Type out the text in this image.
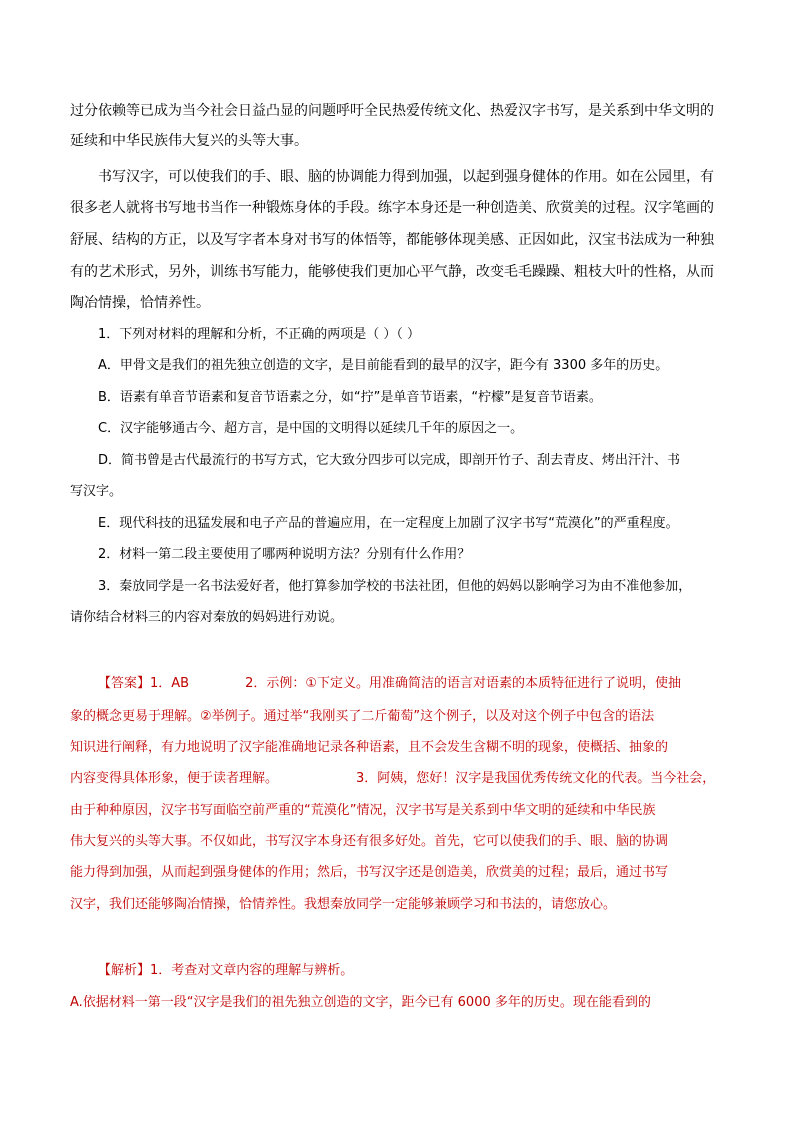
过分依赖等已成为当今社会日益凸显的问题呼吁全民热爱传统文化、热爱汉字书写，是关系到中华文明的
延续和中华民族伟大复兴的头等大事。
书写汉字，可以使我们的手、眼、脑的协调能力得到加强，以起到强身健体的作用。如在公园里，有
很多老人就将书写地书当作一种锻炼身体的手段。练字本身还是一种创造美、欣赏美的过程。汉字笔画的
舒展、结构的方正，以及写字者本身对书写的体悟等，都能够体现美感、正因如此，汉宝书法成为一种独
有的艺术形式，另外，训练书写能力，能够使我们更加心平气静，改变毛毛躁躁、粗枝大叶的性格，从而
陶冶情操，恰情养性。
1．下列对材料的理解和分析，不正确的两项是（ ）（ ）
A．甲骨文是我们的祖先独立创造的文字，是目前能看到的最早的汉字，距今有 3300 多年的历史。
B．语素有单音节语素和复音节语素之分，如“拧”是单音节语素，“柠檬”是复音节语素。
C．汉字能够通古今、超方言，是中国的文明得以延续几千年的原因之一。
D．简书曾是古代最流行的书写方式，它大致分四步可以完成，即剖开竹子、刮去青皮、烤出汗汁、书
写汉字。
E．现代科技的迅猛发展和电子产品的普遍应用，在一定程度上加剧了汉字书写“荒漠化”的严重程度。
2．材料一第二段主要使用了哪两种说明方法？分别有什么作用？
3．秦放同学是一名书法爱好者，他打算参加学校的书法社团，但他的妈妈以影响学习为由不准他参加，
请你结合材料三的内容对秦放的妈妈进行劝说。
【答案】1．AB	2．示例：①下定义。用准确简洁的语言对语素的本质特征进行了说明，使抽
象的概念更易于理解。②举例子。通过举“我刚买了二斤葡萄”这个例子，以及对这个例子中包含的语法
知识进行阐释，有力地说明了汉字能准确地记录各种语素，且不会发生含糊不明的现象，使概括、抽象的
内容变得具体形象，便于读者理解。	3．阿姨，您好！汉字是我国优秀传统文化的代表。当今社会，
由于种种原因，汉字书写面临空前严重的“荒漠化”情况，汉字书写是关系到中华文明的延续和中华民族
伟大复兴的头等大事。不仅如此，书写汉字本身还有很多好处。首先，它可以使我们的手、眼、脑的协调
能力得到加强，从而起到强身健体的作用；然后，书写汉字还是创造美，欣赏美的过程；最后，通过书写
汉字，我们还能够陶冶情操，恰情养性。我想秦放同学一定能够兼顾学习和书法的，请您放心。
【解析】1．考查对文章内容的理解与辨析。
A.依据材料一第一段“汉字是我们的祖先独立创造的文字，距今已有 6000 多年的历史。现在能看到的
